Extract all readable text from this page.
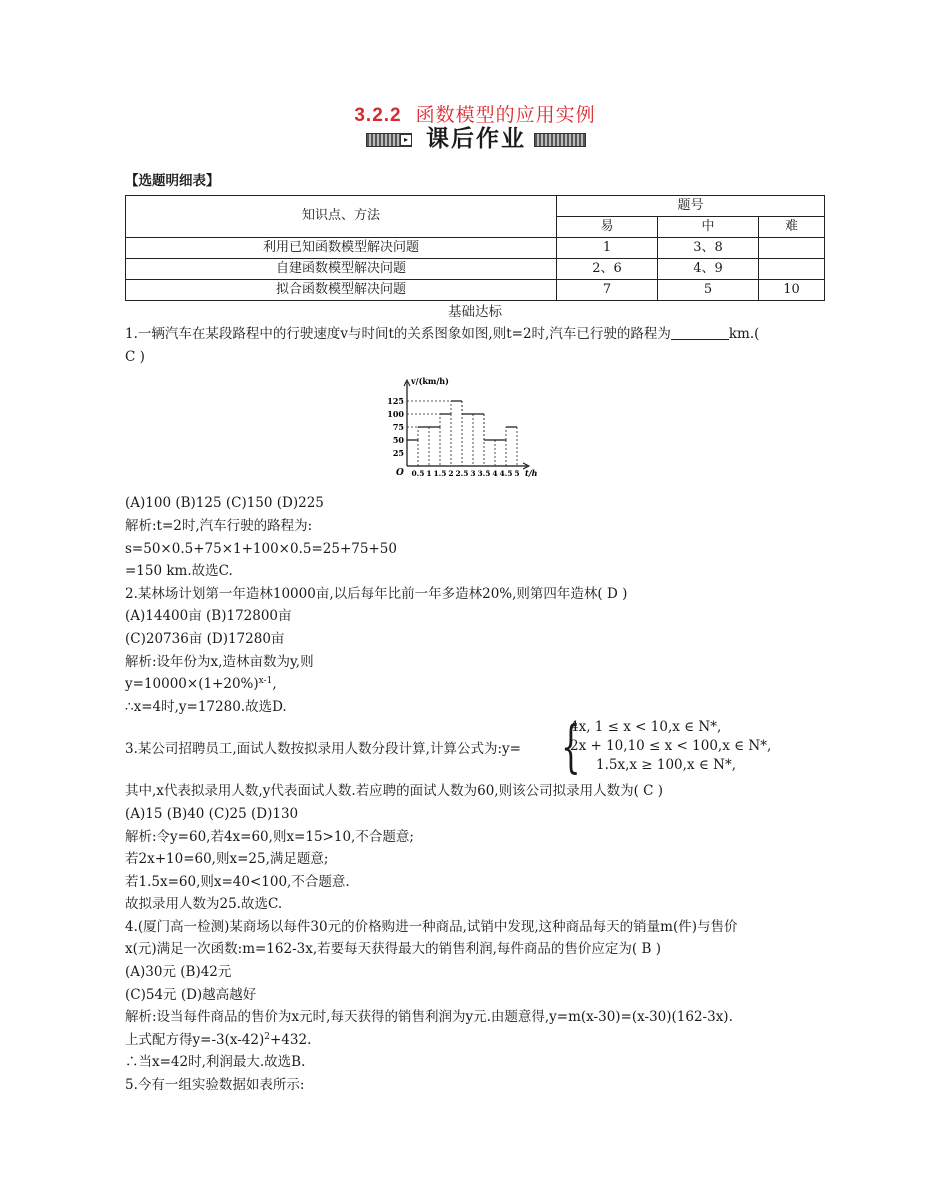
3.2.2 函数模型的应用实例
▸ 课后作业

【选题明细表】

知识点、方法	题号		
	易	中	难
利用已知函数模型解决问题	1	3、8	
自建函数模型解决问题	2、6	4、9	
拟合函数模型解决问题	7	5	10

基础达标

1.一辆汽车在某段路程中的行驶速度v与时间t的关系图象如图,则t=2时,汽车已行驶的路程为	km.(

C )

v/(km/h)
t/h
O
25
50
75
100
125
0.5 1 1.5 2 2.5 3 3.5 4 4.5 5

(A)100 (B)125 (C)150 (D)225

解析:t=2时,汽车行驶的路程为:

s=50×0.5+75×1+100×0.5=25+75+50

=150 km.故选C.

2.某林场计划第一年造林10000亩,以后每年比前一年多造林20%,则第四年造林( D )

(A)14400亩 (B)172800亩

(C)20736亩 (D)17280亩

解析:设年份为x,造林亩数为y,则

$y=10000\times(1+20\%)^{x-1}$,

∴x=4时,y=17280.故选D.

3.某公司招聘员工,面试人数按拟录用人数分段计算,计算公式为:y= {
4x, 1 ≤ x < 10,x ∈ N*,
2x + 10,10 ≤ x < 100,x ∈ N*,
1.5x,x ≥ 100,x ∈ N*,

其中,x代表拟录用人数,y代表面试人数.若应聘的面试人数为60,则该公司拟录用人数为( C )

(A)15 (B)40 (C)25 (D)130

解析:令y=60,若4x=60,则x=15>10,不合题意;

若2x+10=60,则x=25,满足题意;

若1.5x=60,则x=40<100,不合题意.

故拟录用人数为25.故选C.

4.(厦门高一检测)某商场以每件30元的价格购进一种商品,试销中发现,这种商品每天的销量m(件)与售价

x(元)满足一次函数:m=162-3x,若要每天获得最大的销售利润,每件商品的售价应定为( B )

(A)30元 (B)42元

(C)54元 (D)越高越好

解析:设当每件商品的售价为x元时,每天获得的销售利润为y元.由题意得,y=m(x-30)=(x-30)(162-3x).

上式配方得$y=-3(x-42)^2+432$.

∴当x=42时,利润最大.故选B.

5.今有一组实验数据如表所示:
